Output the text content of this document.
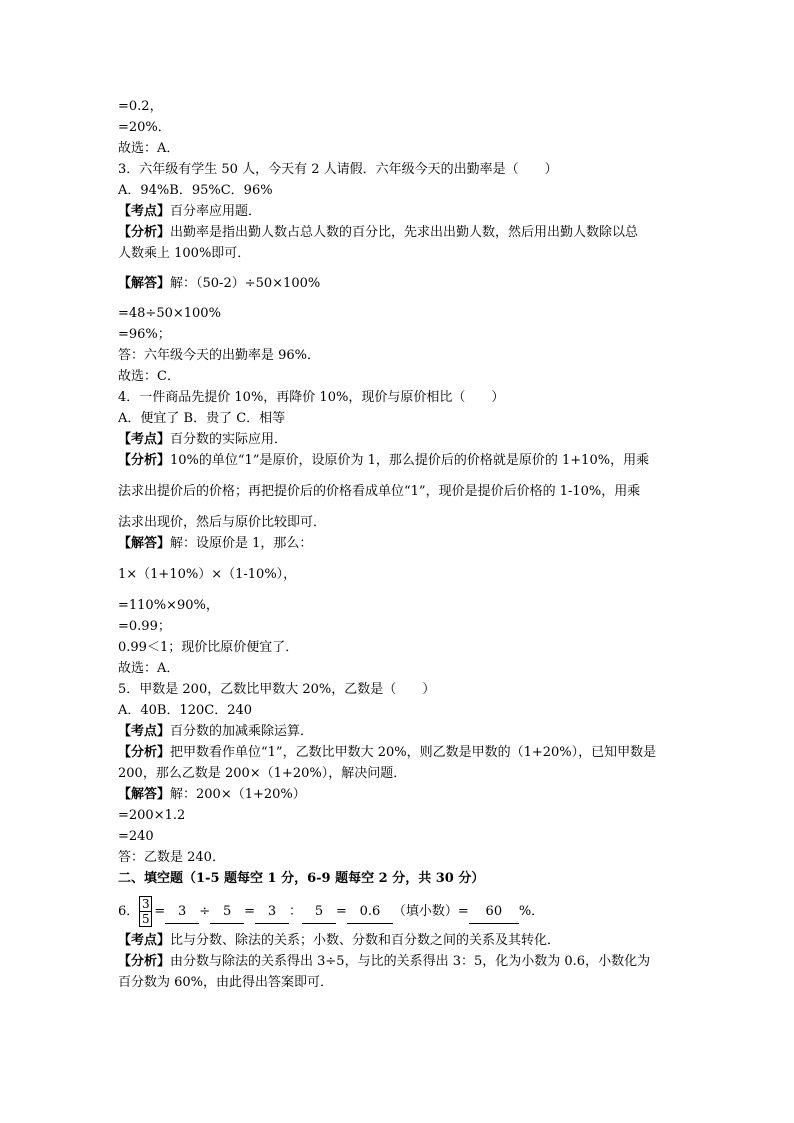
=0.2，
=20%．
故选：A．
3．六年级有学生 50 人，今天有 2 人请假．六年级今天的出勤率是（　　）
A．94%B．95%C．96%
【考点】百分率应用题．
【分析】出勤率是指出勤人数占总人数的百分比，先求出出勤人数，然后用出勤人数除以总
人数乘上 100%即可．
【解答】解：（50-2）÷50×100%
=48÷50×100%
=96%；
答：六年级今天的出勤率是 96%．
故选：C．
4．一件商品先提价 10%，再降价 10%，现价与原价相比（　　）
A．便宜了 B．贵了 C．相等
【考点】百分数的实际应用．
【分析】10%的单位“1”是原价，设原价为 1，那么提价后的价格就是原价的 1+10%，用乘
法求出提价后的价格；再把提价后的价格看成单位“1”，现价是提价后价格的 1-10%，用乘
法求出现价，然后与原价比较即可．
【解答】解：设原价是 1，那么：
1×（1+10%）×（1-10%），
=110%×90%，
=0.99；
0.99＜1；现价比原价便宜了．
故选：A．
5．甲数是 200，乙数比甲数大 20%，乙数是（　　）
A．40B．120C．240
【考点】百分数的加减乘除运算．
【分析】把甲数看作单位“1”，乙数比甲数大 20%，则乙数是甲数的（1+20%），已知甲数是
200，那么乙数是 200×（1+20%），解决问题．
【解答】解：200×（1+20%）
=200×1.2
=240
答：乙数是 240．
二、填空题（1-5 题每空 1 分，6-9 题每空 2 分，共 30 分）
6． $\frac{3}{5} = 3 \div 5 = 3$ ： 5 = 0.6 （填小数）= 60 %．
【考点】比与分数、除法的关系；小数、分数和百分数之间的关系及其转化．
【分析】由分数与除法的关系得出 3÷5，与比的关系得出 3：5，化为小数为 0.6，小数化为
百分数为 60%，由此得出答案即可．
